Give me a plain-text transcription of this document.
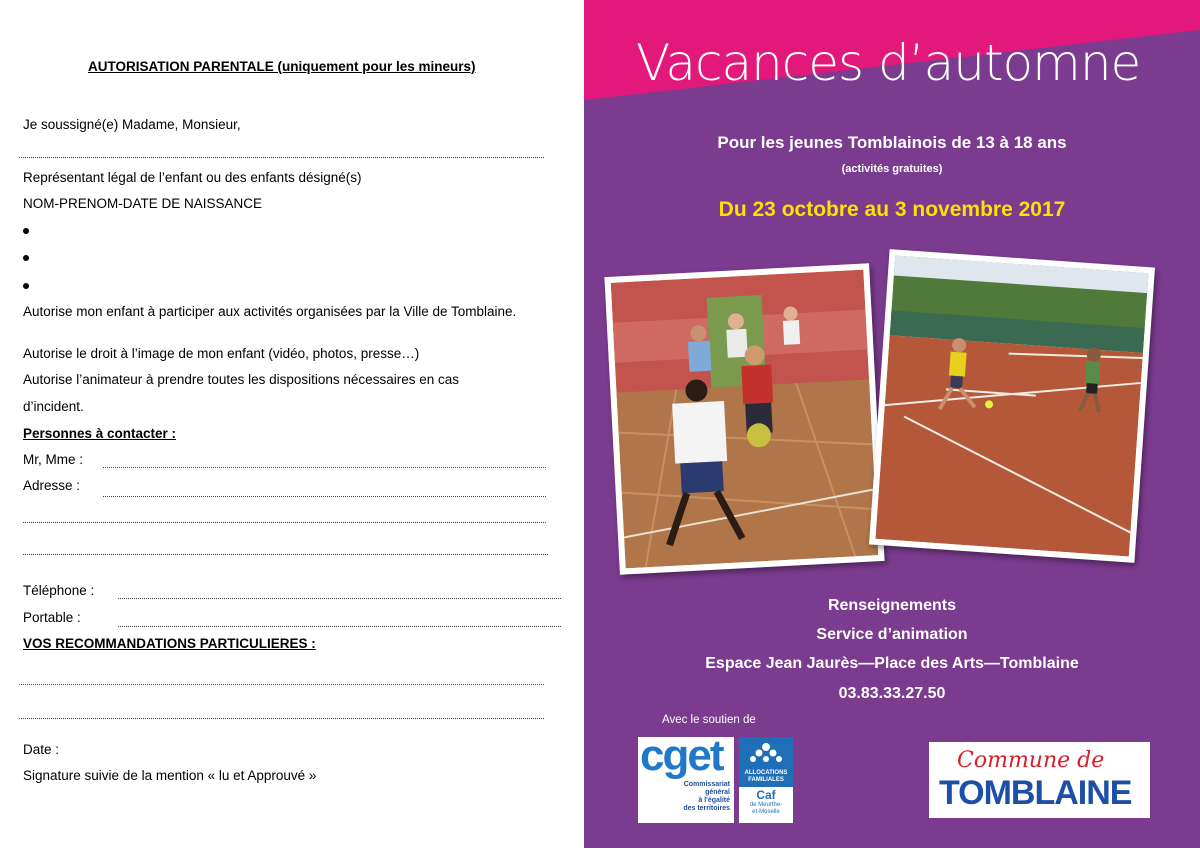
AUTORISATION PARENTALE (uniquement pour les mineurs)
Je soussigné(e) Madame, Monsieur,
Représentant légal de l’enfant ou des enfants désigné(s)
NOM-PRENOM-DATE DE NAISSANCE
Autorise mon enfant à participer aux activités organisées par la Ville de Tomblaine.
Autorise le droit à l’image de mon enfant (vidéo, photos, presse…)
Autorise l’animateur à prendre toutes les dispositions nécessaires en cas
d’incident.
Personnes à contacter :
Mr, Mme :
Adresse :
Téléphone :
Portable :
VOS RECOMMANDATIONS PARTICULIERES :
Date :
Signature suivie de la mention « lu et Approuvé »
Vacances d’automne
Pour les jeunes Tomblainois de 13 à 18 ans
(activités gratuites)
Du 23 octobre au 3 novembre 2017
Renseignements
Service d’animation
Espace Jean Jaurès—Place des Arts—Tomblaine
03.83.33.27.50
Avec le soutien de
cget
Commissariat
général
à l'égalité
des territoires
ALLOCATIONS
FAMILIALES
Caf
de Meurthe-
et-Moselle
Commune de
TOMBLAINE
